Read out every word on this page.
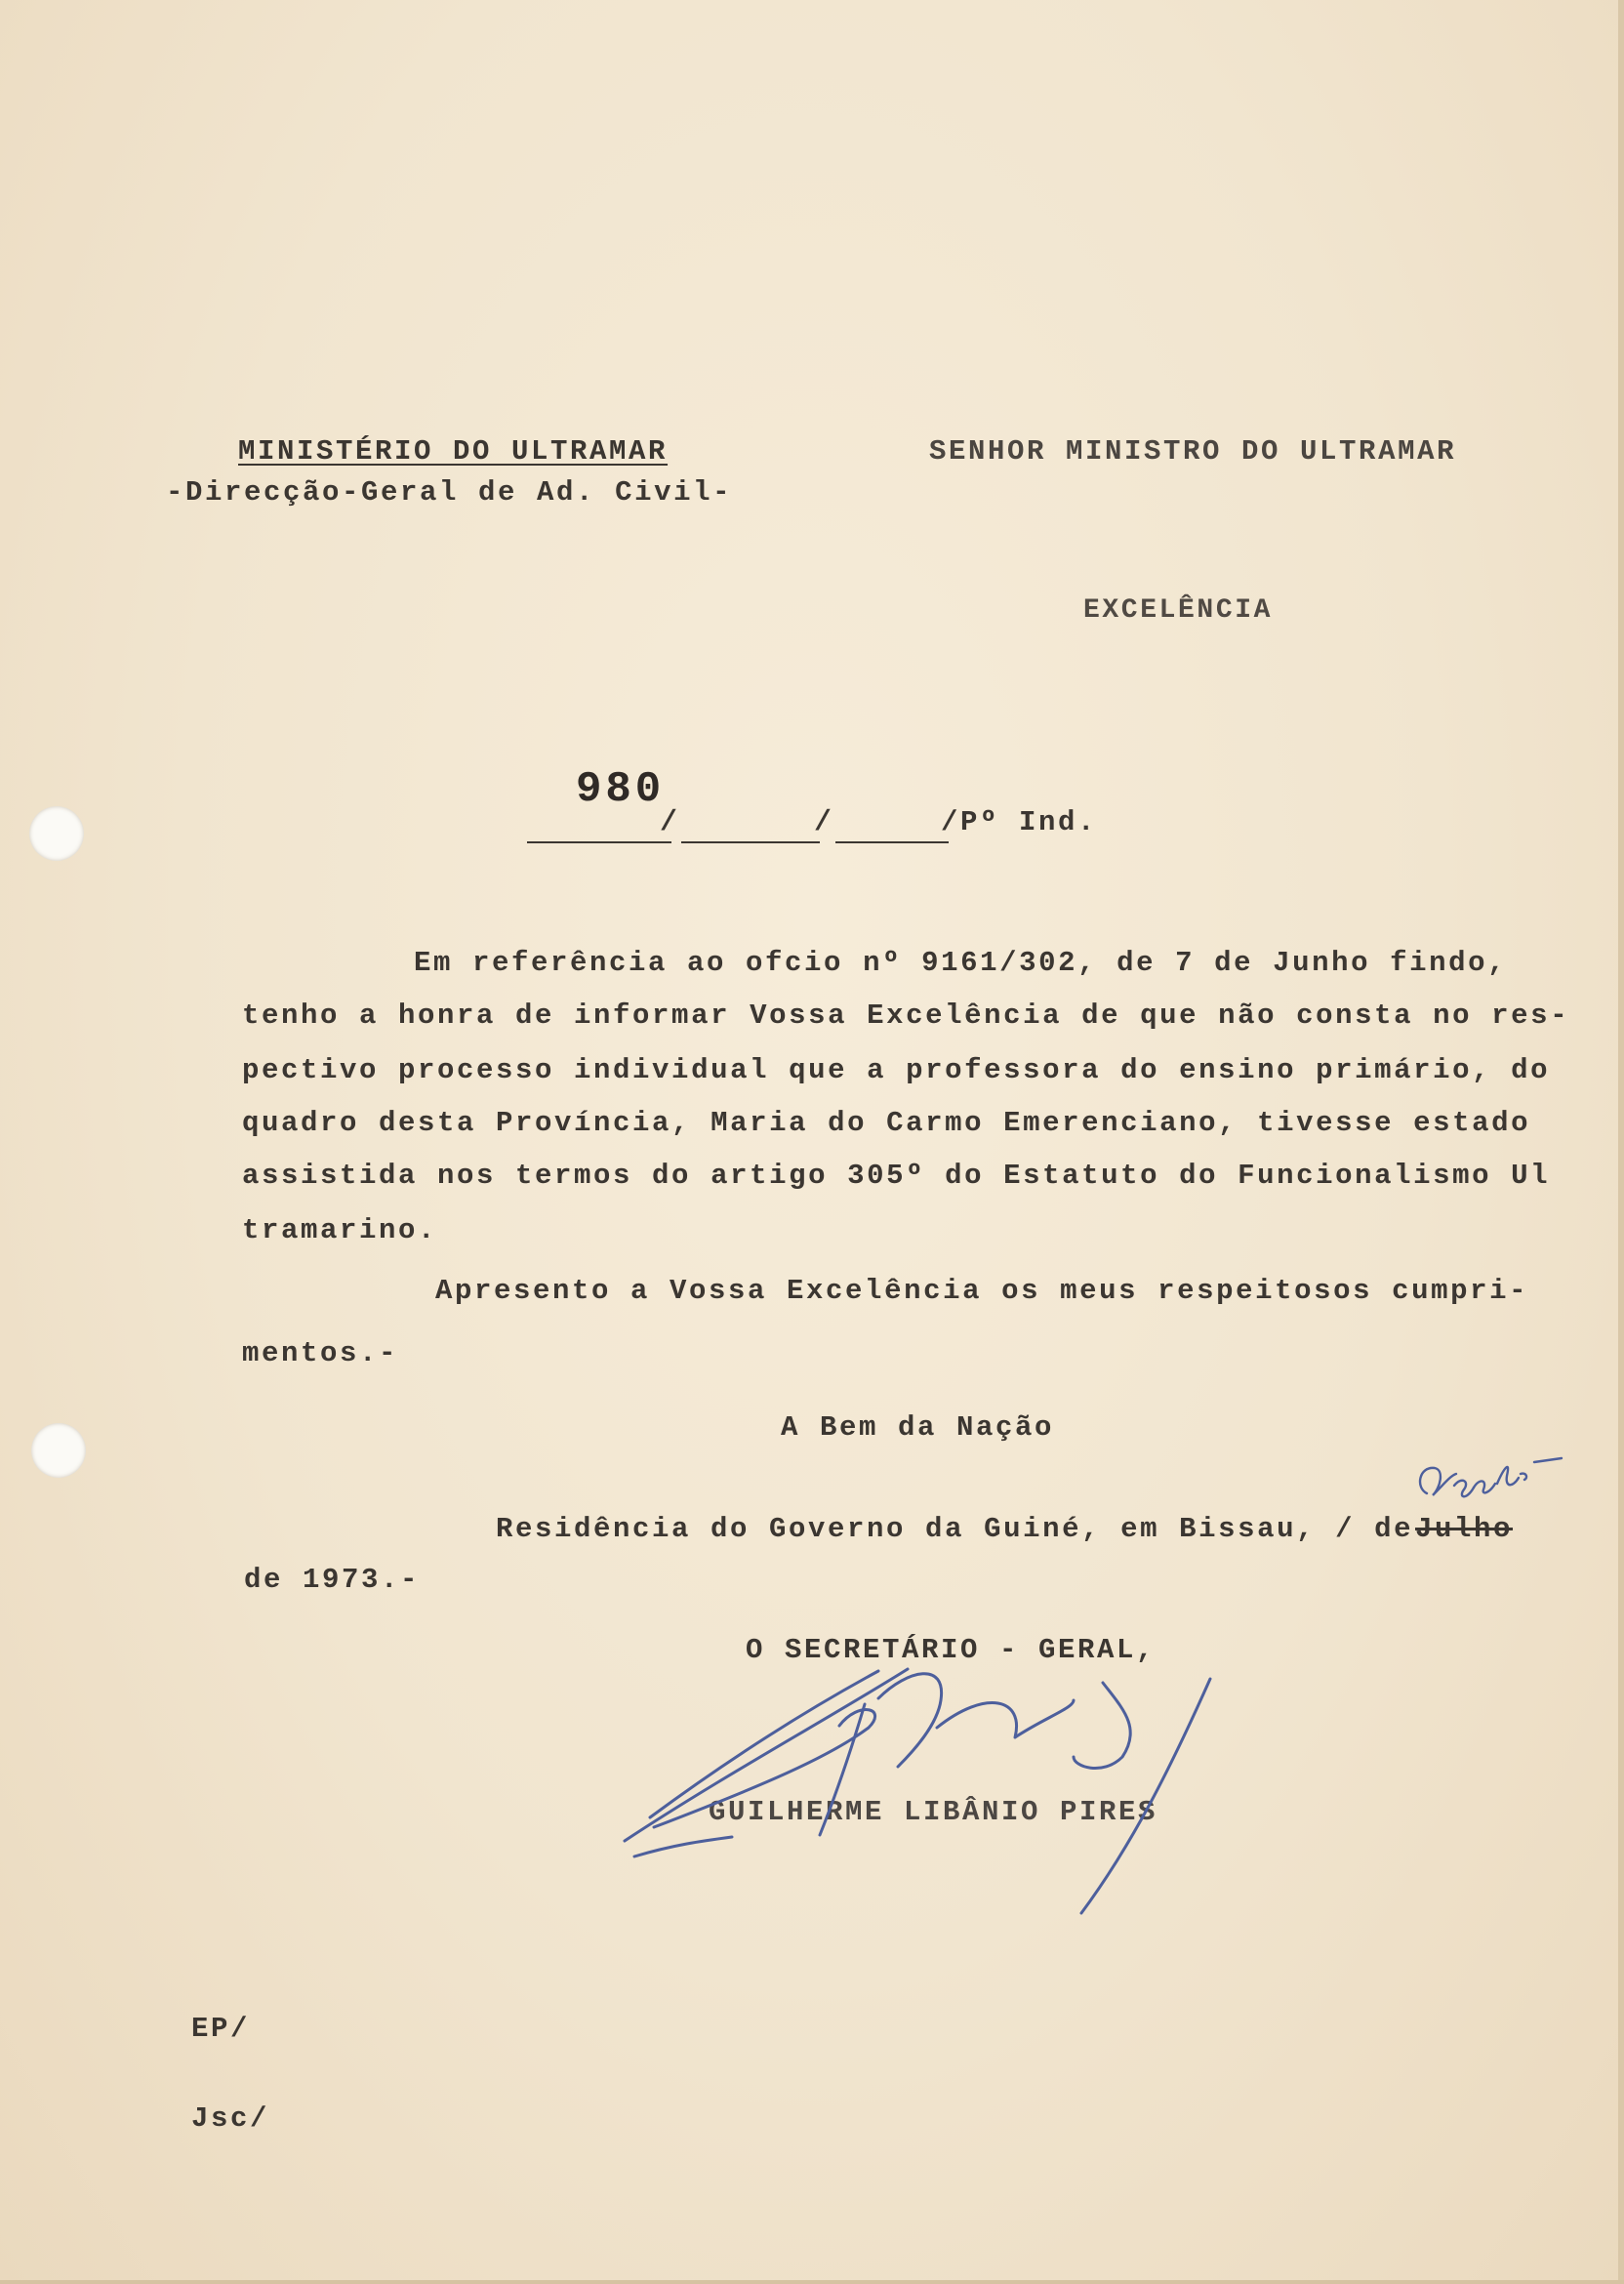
MINISTÉRIO DO ULTRAMAR
-Direcção-Geral de Ad. Civil-
SENHOR MINISTRO DO ULTRAMAR
EXCELÊNCIA
980
/	/	/Pº Ind.
Em referência ao ofcio nº 9161/302, de 7 de Junho findo,
tenho a honra de informar Vossa Excelência de que não consta no res-
pectivo processo individual que a professora do ensino primário, do
quadro desta Província, Maria do Carmo Emerenciano, tivesse estado
assistida nos termos do artigo 305º do Estatuto do Funcionalismo Ul
tramarino.
Apresento a Vossa Excelência os meus respeitosos cumpri-
mentos.-
A Bem da Nação
Residência do Governo da Guiné, em Bissau, / de Julho
de 1973.-
O SECRETÁRIO - GERAL,
GUILHERME LIBÂNIO PIRES
EP/
Jsc/
